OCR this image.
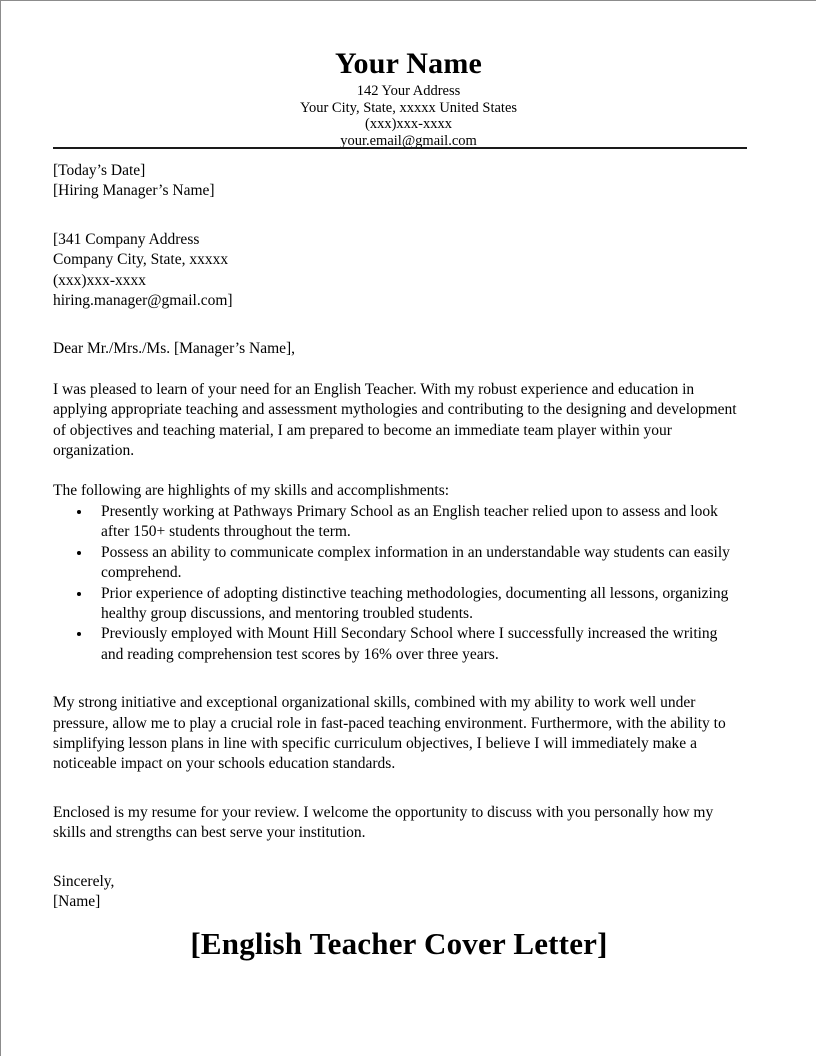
Your Name
142 Your Address
Your City, State, xxxxx United States
(xxx)xxx-xxxx
your.email@gmail.com

[Today’s Date]

[Hiring Manager’s Name]

[341 Company Address

Company City, State, xxxxx

(xxx)xxx-xxxx

hiring.manager@gmail.com]

Dear Mr./Mrs./Ms. [Manager’s Name],

I was pleased to learn of your need for an English Teacher. With my robust experience and education in applying appropriate teaching and assessment mythologies and contributing to the designing and development of objectives and teaching material, I am prepared to become an immediate team player within your organization.

The following are highlights of my skills and accomplishments:

Presently working at Pathways Primary School as an English teacher relied upon to assess and look after 150+ students throughout the term.
Possess an ability to communicate complex information in an understandable way students can easily comprehend.
Prior experience of adopting distinctive teaching methodologies, documenting all lessons, organizing healthy group discussions, and mentoring troubled students.
Previously employed with Mount Hill Secondary School where I successfully increased the writing and reading comprehension test scores by 16% over three years.

My strong initiative and exceptional organizational skills, combined with my ability to work well under pressure, allow me to play a crucial role in fast-paced teaching environment. Furthermore, with the ability to simplifying lesson plans in line with specific curriculum objectives, I believe I will immediately make a noticeable impact on your schools education standards.

Enclosed is my resume for your review. I welcome the opportunity to discuss with you personally how my skills and strengths can best serve your institution.

Sincerely,

[Name]

[English Teacher Cover Letter]
